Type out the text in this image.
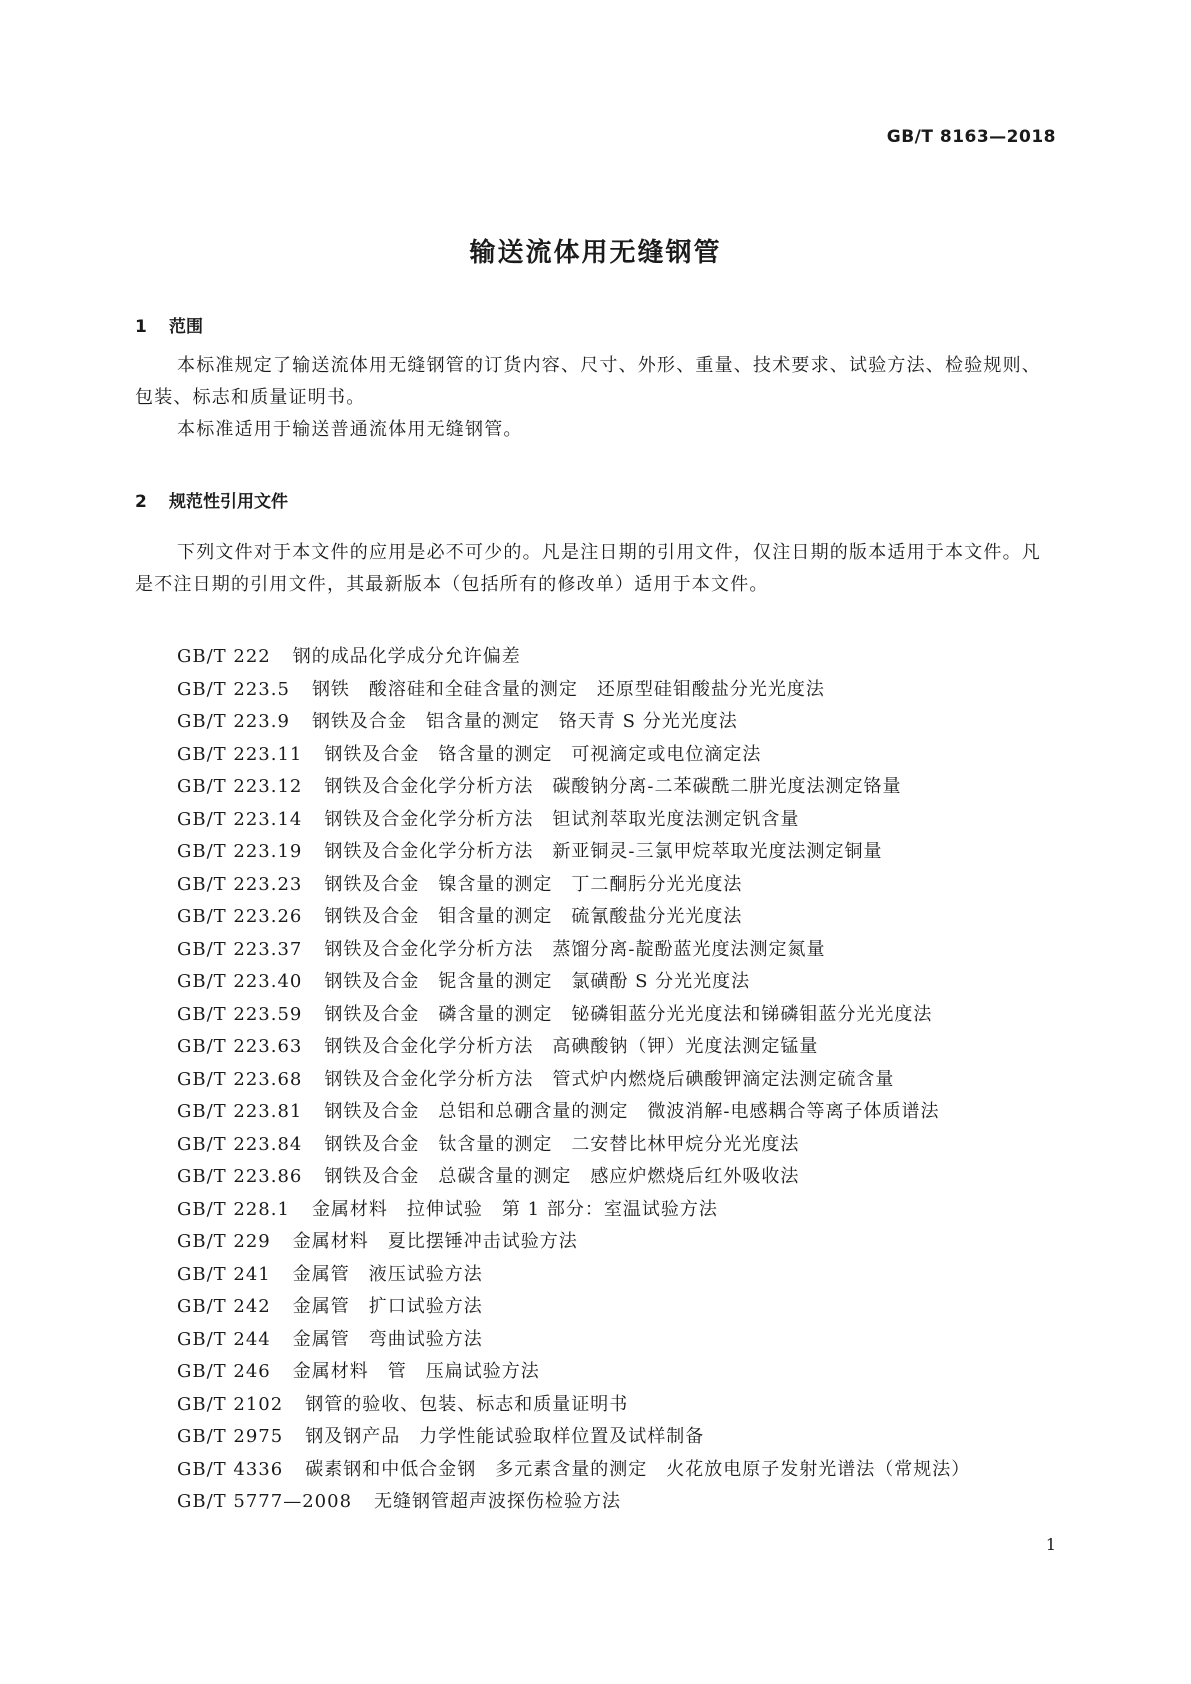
GB/T 8163—2018
输送流体用无缝钢管
1 范围

本标准规定了输送流体用无缝钢管的订货内容、尺寸、外形、重量、技术要求、试验方法、检验规则、包装、标志和质量证明书。

本标准适用于输送普通流体用无缝钢管。

2 规范性引用文件

下列文件对于本文件的应用是必不可少的。凡是注日期的引用文件，仅注日期的版本适用于本文件。凡是不注日期的引用文件，其最新版本（包括所有的修改单）适用于本文件。

GB/T 222 钢的成品化学成分允许偏差
GB/T 223.5 钢铁　酸溶硅和全硅含量的测定　还原型硅钼酸盐分光光度法
GB/T 223.9 钢铁及合金　铝含量的测定　铬天青 S 分光光度法
GB/T 223.11 钢铁及合金　铬含量的测定　可视滴定或电位滴定法
GB/T 223.12 钢铁及合金化学分析方法　碳酸钠分离-二苯碳酰二肼光度法测定铬量
GB/T 223.14 钢铁及合金化学分析方法　钽试剂萃取光度法测定钒含量
GB/T 223.19 钢铁及合金化学分析方法　新亚铜灵-三氯甲烷萃取光度法测定铜量
GB/T 223.23 钢铁及合金　镍含量的测定　丁二酮肟分光光度法
GB/T 223.26 钢铁及合金　钼含量的测定　硫氰酸盐分光光度法
GB/T 223.37 钢铁及合金化学分析方法　蒸馏分离-靛酚蓝光度法测定氮量
GB/T 223.40 钢铁及合金　铌含量的测定　氯磺酚 S 分光光度法
GB/T 223.59 钢铁及合金　磷含量的测定　铋磷钼蓝分光光度法和锑磷钼蓝分光光度法
GB/T 223.63 钢铁及合金化学分析方法　高碘酸钠（钾）光度法测定锰量
GB/T 223.68 钢铁及合金化学分析方法　管式炉内燃烧后碘酸钾滴定法测定硫含量
GB/T 223.81 钢铁及合金　总铝和总硼含量的测定　微波消解-电感耦合等离子体质谱法
GB/T 223.84 钢铁及合金　钛含量的测定　二安替比林甲烷分光光度法
GB/T 223.86 钢铁及合金　总碳含量的测定　感应炉燃烧后红外吸收法
GB/T 228.1 金属材料　拉伸试验　第 1 部分：室温试验方法
GB/T 229 金属材料　夏比摆锤冲击试验方法
GB/T 241 金属管　液压试验方法
GB/T 242 金属管　扩口试验方法
GB/T 244 金属管　弯曲试验方法
GB/T 246 金属材料　管　压扁试验方法
GB/T 2102 钢管的验收、包装、标志和质量证明书
GB/T 2975 钢及钢产品　力学性能试验取样位置及试样制备
GB/T 4336 碳素钢和中低合金钢　多元素含量的测定　火花放电原子发射光谱法（常规法）
GB/T 5777—2008 无缝钢管超声波探伤检验方法
1
